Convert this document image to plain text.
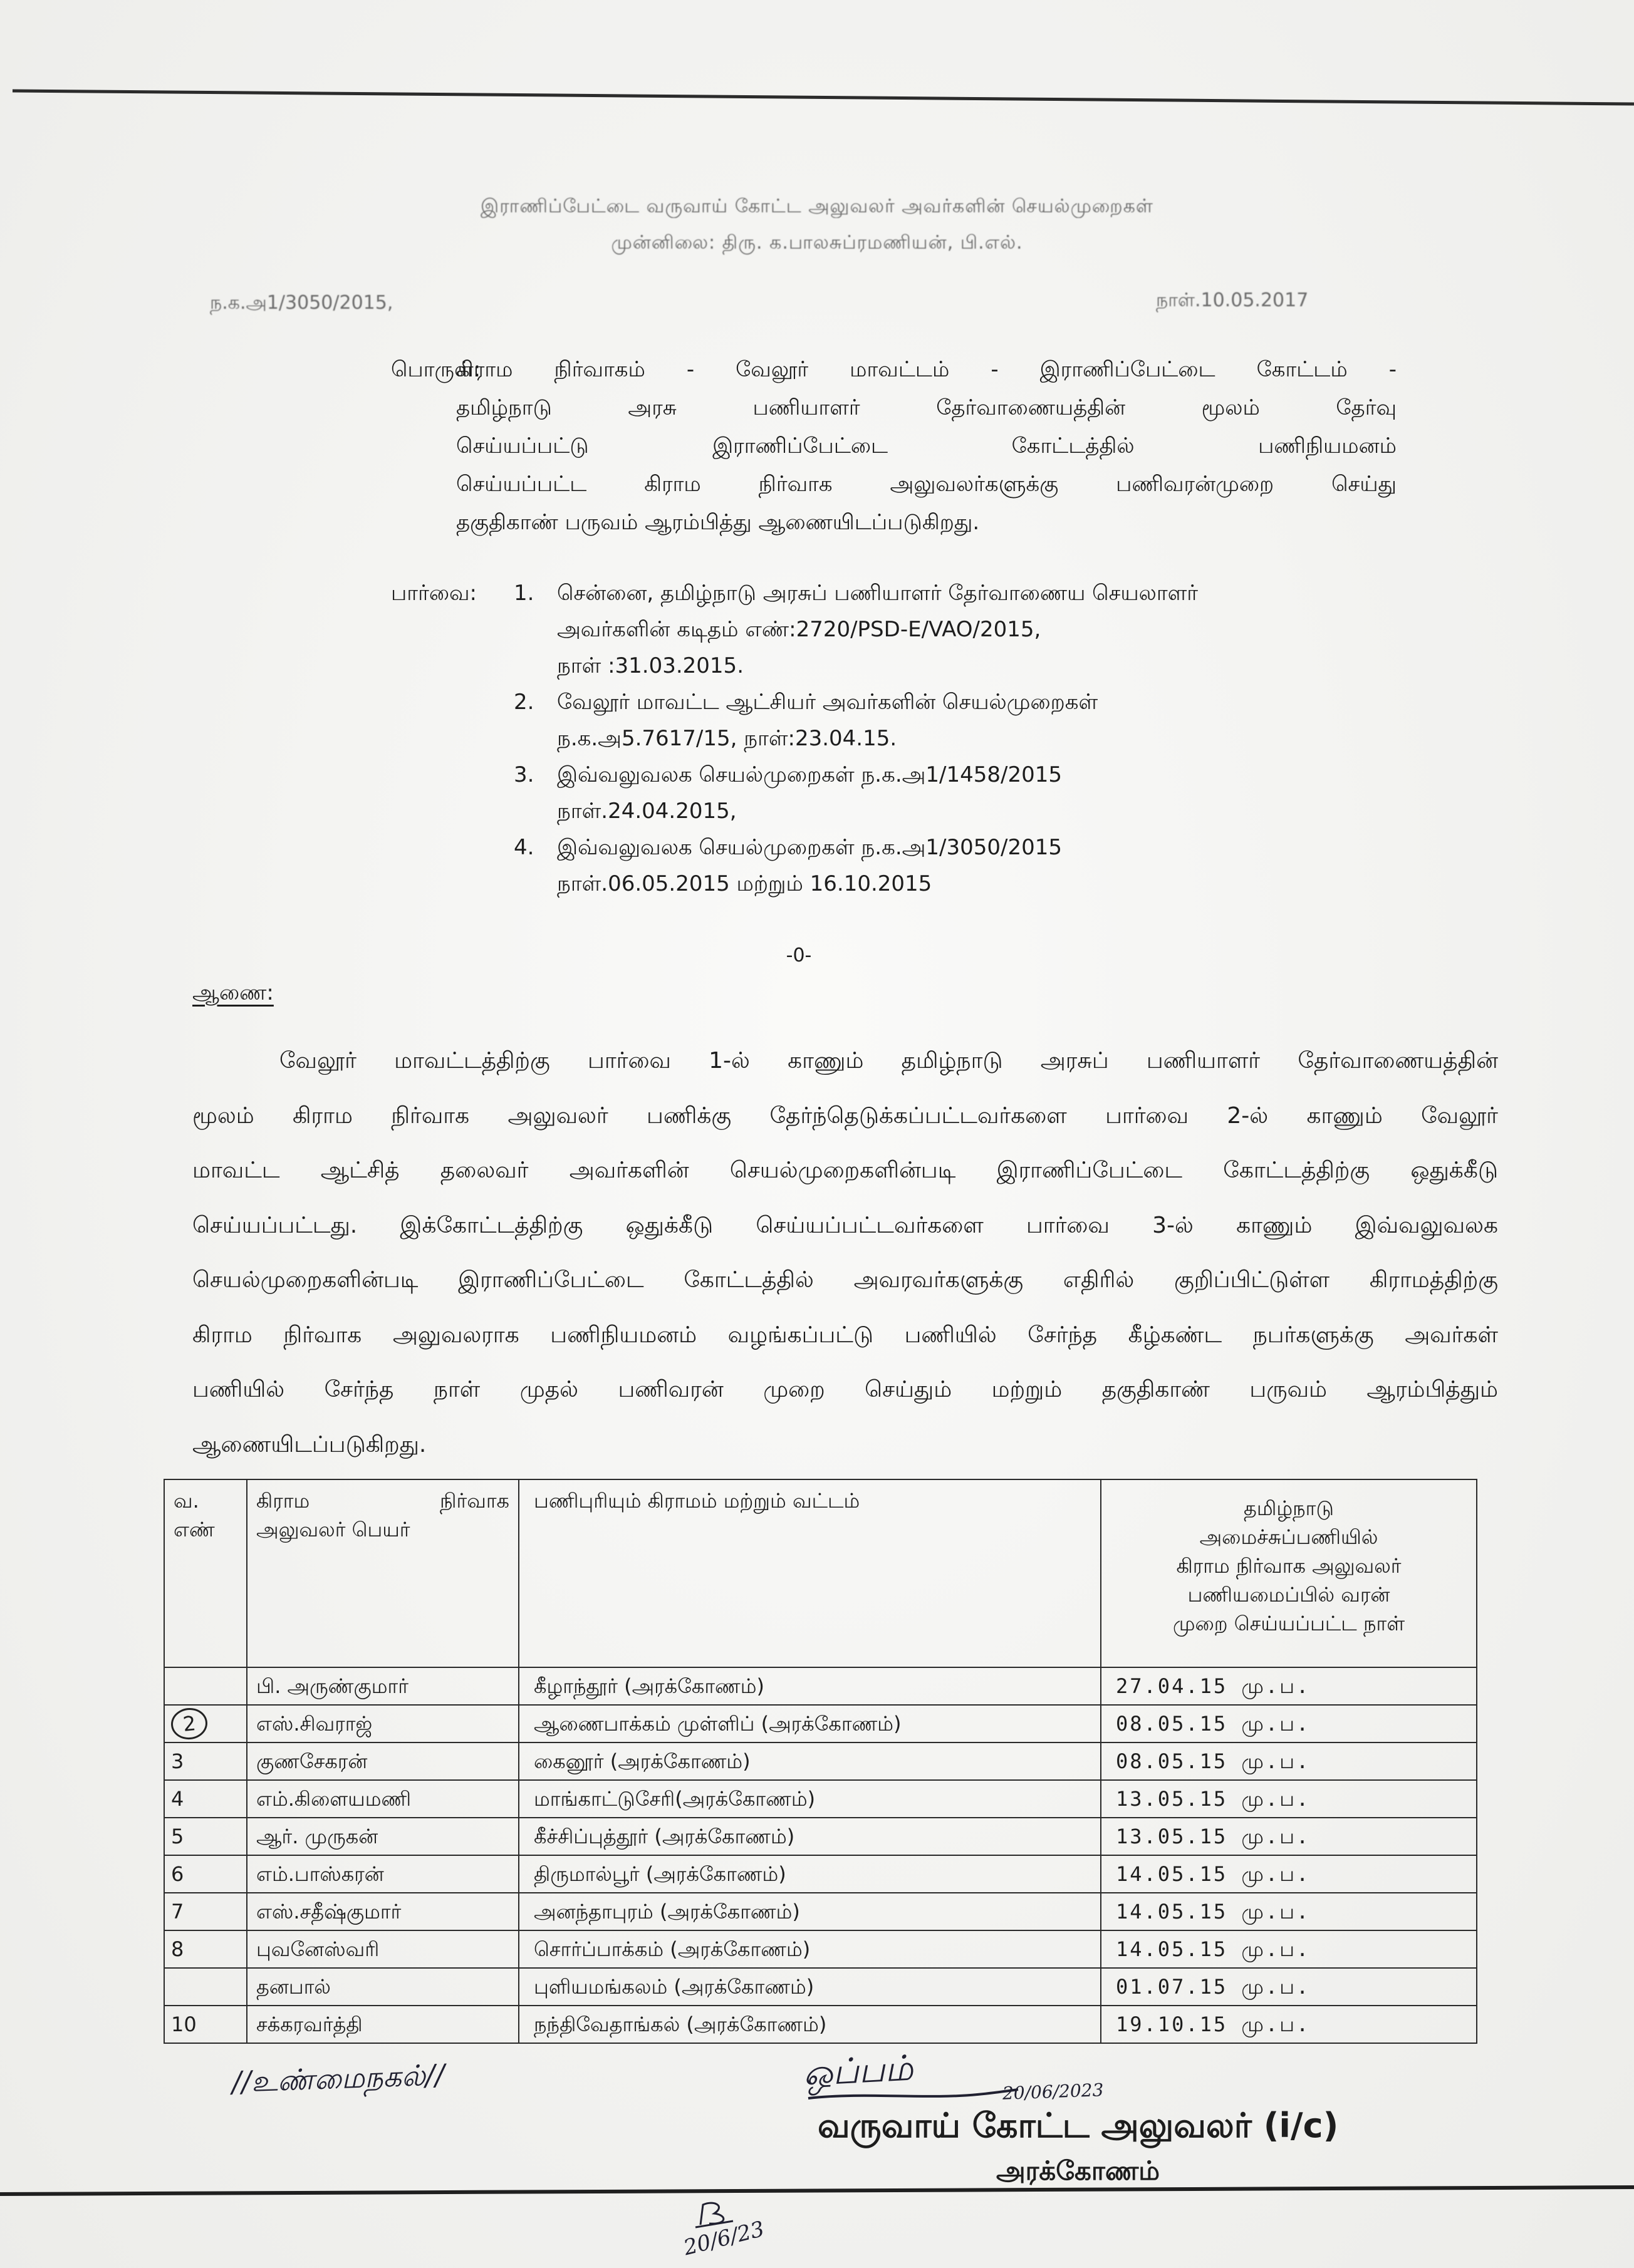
இராணிப்பேட்டை வருவாய் கோட்ட அலுவலர் அவர்களின் செயல்முறைகள்
முன்னிலை: திரு. க.பாலசுப்ரமணியன், பி.எல்.
ந.க.அ1/3050/2015,	நாள்.10.05.2017
பொருள்:
கிராம நிர்வாகம் - வேலூர் மாவட்டம் - இராணிப்பேட்டை கோட்டம் -
தமிழ்நாடு அரசு பணியாளர் தேர்வாணையத்தின் மூலம் தேர்வு
செய்யப்பட்டு இராணிப்பேட்டை கோட்டத்தில் பணிநியமனம்
செய்யப்பட்ட கிராம நிர்வாக அலுவலர்களுக்கு பணிவரன்முறை செய்து
தகுதிகாண் பருவம் ஆரம்பித்து ஆணையிடப்படுகிறது.
பார்வை: 1.	சென்னை, தமிழ்நாடு அரசுப் பணியாளர் தேர்வாணைய செயலாளர்
அவர்களின் கடிதம் எண்:2720/PSD-E/VAO/2015,
நாள் :31.03.2015.
2.	வேலூர் மாவட்ட ஆட்சியர் அவர்களின் செயல்முறைகள்
ந.க.அ5.7617/15, நாள்:23.04.15.
3.	இவ்வலுவலக செயல்முறைகள் ந.க.அ1/1458/2015
நாள்.24.04.2015,
4.	இவ்வலுவலக செயல்முறைகள் ந.க.அ1/3050/2015
நாள்.06.05.2015 மற்றும் 16.10.2015
-0-
ஆணை:
வேலூர் மாவட்டத்திற்கு பார்வை 1-ல் காணும் தமிழ்நாடு அரசுப் பணியாளர் தேர்வாணையத்தின்
மூலம் கிராம நிர்வாக அலுவலர் பணிக்கு தேர்ந்தெடுக்கப்பட்டவர்களை பார்வை 2-ல் காணும் வேலூர்
மாவட்ட ஆட்சித் தலைவர் அவர்களின் செயல்முறைகளின்படி இராணிப்பேட்டை கோட்டத்திற்கு ஒதுக்கீடு
செய்யப்பட்டது. இக்கோட்டத்திற்கு ஒதுக்கீடு செய்யப்பட்டவர்களை பார்வை 3-ல் காணும் இவ்வலுவலக
செயல்முறைகளின்படி இராணிப்பேட்டை கோட்டத்தில் அவரவர்களுக்கு எதிரில் குறிப்பிட்டுள்ள கிராமத்திற்கு
கிராம நிர்வாக அலுவலராக பணிநியமனம் வழங்கப்பட்டு பணியில் சேர்ந்த கீழ்கண்ட நபர்களுக்கு அவர்கள்
பணியில் சேர்ந்த நாள் முதல் பணிவரன் முறை செய்தும் மற்றும் தகுதிகாண் பருவம் ஆரம்பித்தும்
ஆணையிடப்படுகிறது.
வ.
எண்	கிராம நிர்வாக
அலுவலர் பெயர்	பணிபுரியும் கிராமம் மற்றும் வட்டம்	தமிழ்நாடு
அமைச்சுப்பணியில்
கிராம நிர்வாக அலுவலர்
பணியமைப்பில் வரன்
முறை செய்யப்பட்ட நாள்

	பி. அருண்குமார்	கீழாந்தூர் (அரக்கோணம்)	27.04.15 மு.ப.
2	எஸ்.சிவராஜ்	ஆணைபாக்கம் முள்ளிப் (அரக்கோணம்)	08.05.15 மு.ப.
3	குணசேகரன்	கைனூர் (அரக்கோணம்)	08.05.15 மு.ப.
4	எம்.கிளையமணி	மாங்காட்டுசேரி(அரக்கோணம்)	13.05.15 மு.ப.
5	ஆர். முருகன்	கீச்சிப்புத்தூர் (அரக்கோணம்)	13.05.15 மு.ப.
6	எம்.பாஸ்கரன்	திருமால்பூர் (அரக்கோணம்)	14.05.15 மு.ப.
7	எஸ்.சதீஷ்குமார்	அனந்தாபுரம் (அரக்கோணம்)	14.05.15 மு.ப.
8	புவனேஸ்வரி	சொர்ப்பாக்கம் (அரக்கோணம்)	14.05.15 மு.ப.
	தனபால்	புளியமங்கலம் (அரக்கோணம்)	01.07.15 மு.ப.
10	சக்கரவர்த்தி	நந்திவேதாங்கல் (அரக்கோணம்)	19.10.15 மு.ப.
//உண்மைநகல்//	ஒப்பம்	20/06/2023
வருவாய் கோட்ட அலுவலர் (i/c)
அரக்கோணம்
20/6/23
